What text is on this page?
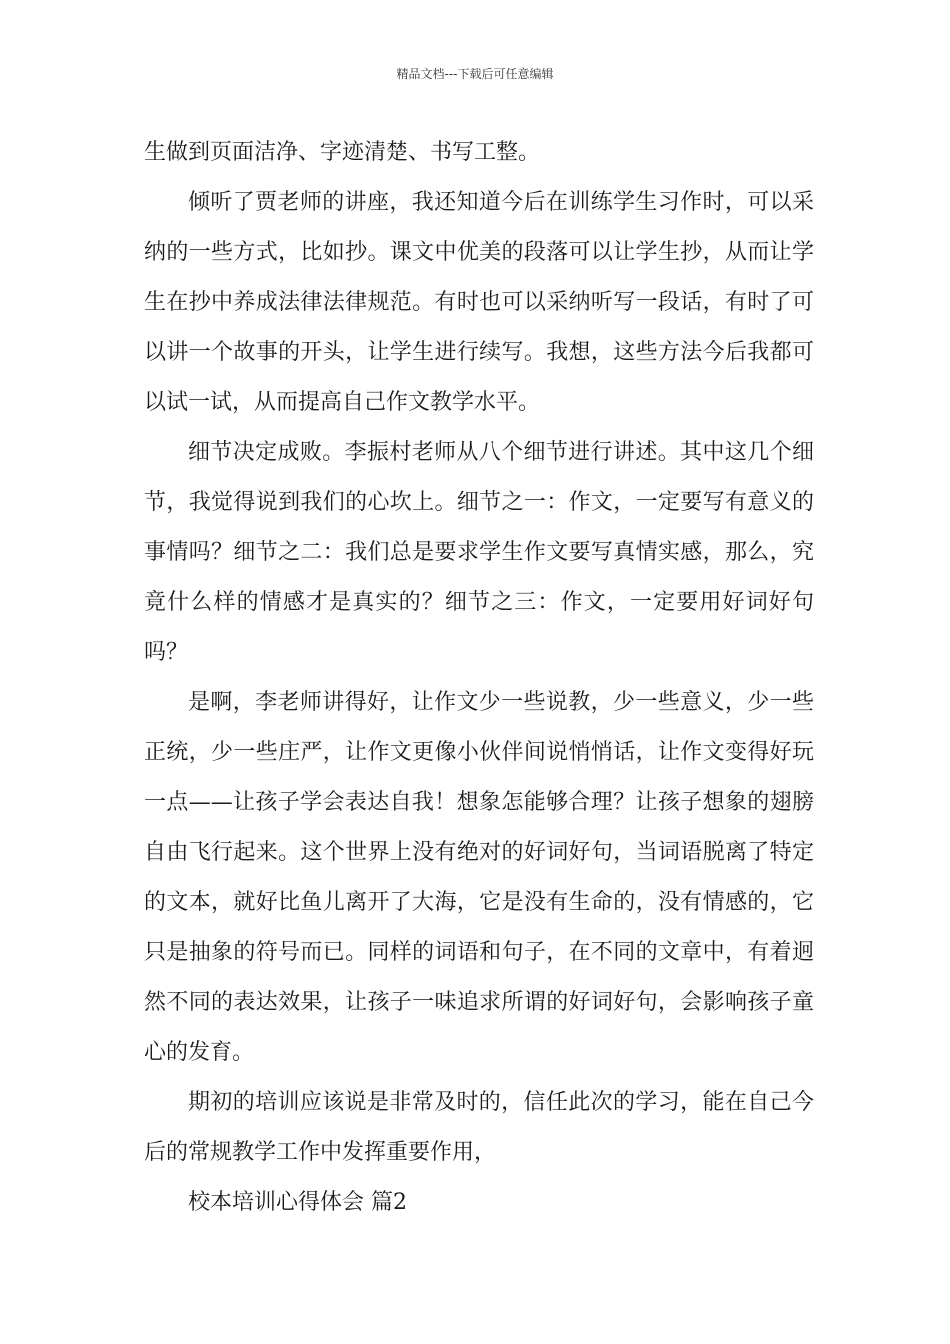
精品文档---下载后可任意编辑

生做到页面洁净、字迹清楚、书写工整。

倾听了贾老师的讲座，我还知道今后在训练学生习作时，可以采纳的一些方式，比如抄。课文中优美的段落可以让学生抄，从而让学生在抄中养成法律法律规范。有时也可以采纳听写一段话，有时了可以讲一个故事的开头，让学生进行续写。我想，这些方法今后我都可以试一试，从而提高自己作文教学水平。

细节决定成败。李振村老师从八个细节进行讲述。其中这几个细节，我觉得说到我们的心坎上。细节之一：作文，一定要写有意义的事情吗？细节之二：我们总是要求学生作文要写真情实感，那么，究竟什么样的情感才是真实的？细节之三：作文，一定要用好词好句吗？

是啊，李老师讲得好，让作文少一些说教，少一些意义，少一些正统，少一些庄严，让作文更像小伙伴间说悄悄话，让作文变得好玩一点——让孩子学会表达自我！想象怎能够合理？让孩子想象的翅膀自由飞行起来。这个世界上没有绝对的好词好句，当词语脱离了特定的文本，就好比鱼儿离开了大海，它是没有生命的，没有情感的，它只是抽象的符号而已。同样的词语和句子，在不同的文章中，有着迥然不同的表达效果，让孩子一味追求所谓的好词好句，会影响孩子童心的发育。

期初的培训应该说是非常及时的，信任此次的学习，能在自己今后的常规教学工作中发挥重要作用，

校本培训心得体会 篇2
